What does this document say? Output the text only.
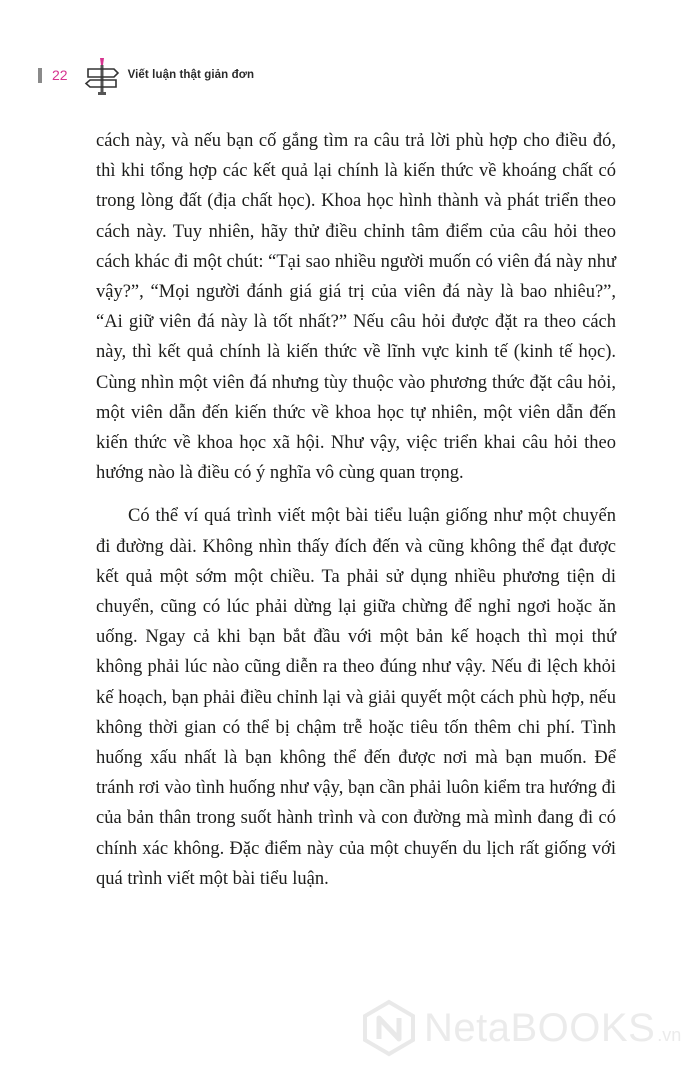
22	Viết luận thật giản đơn

cách này, và nếu bạn cố gắng tìm ra câu trả lời phù hợp cho điều đó, thì khi tổng hợp các kết quả lại chính là kiến thức về khoáng chất có trong lòng đất (địa chất học). Khoa học hình thành và phát triển theo cách này. Tuy nhiên, hãy thử điều chỉnh tâm điểm của câu hỏi theo cách khác đi một chút: “Tại sao nhiều người muốn có viên đá này như vậy?”, “Mọi người đánh giá giá trị của viên đá này là bao nhiêu?”, “Ai giữ viên đá này là tốt nhất?” Nếu câu hỏi được đặt ra theo cách này, thì kết quả chính là kiến thức về lĩnh vực kinh tế (kinh tế học). Cùng nhìn một viên đá nhưng tùy thuộc vào phương thức đặt câu hỏi, một viên dẫn đến kiến thức về khoa học tự nhiên, một viên dẫn đến kiến thức về khoa học xã hội. Như vậy, việc triển khai câu hỏi theo hướng nào là điều có ý nghĩa vô cùng quan trọng.

Có thể ví quá trình viết một bài tiểu luận giống như một chuyến đi đường dài. Không nhìn thấy đích đến và cũng không thể đạt được kết quả một sớm một chiều. Ta phải sử dụng nhiều phương tiện di chuyển, cũng có lúc phải dừng lại giữa chừng để nghỉ ngơi hoặc ăn uống. Ngay cả khi bạn bắt đầu với một bản kế hoạch thì mọi thứ không phải lúc nào cũng diễn ra theo đúng như vậy. Nếu đi lệch khỏi kế hoạch, bạn phải điều chỉnh lại và giải quyết một cách phù hợp, nếu không thời gian có thể bị chậm trễ hoặc tiêu tốn thêm chi phí. Tình huống xấu nhất là bạn không thể đến được nơi mà bạn muốn. Để tránh rơi vào tình huống như vậy, bạn cần phải luôn kiểm tra hướng đi của bản thân trong suốt hành trình và con đường mà mình đang đi có chính xác không. Đặc điểm này của một chuyến du lịch rất giống với quá trình viết một bài tiểu luận.

NetaBOOKS .vn
